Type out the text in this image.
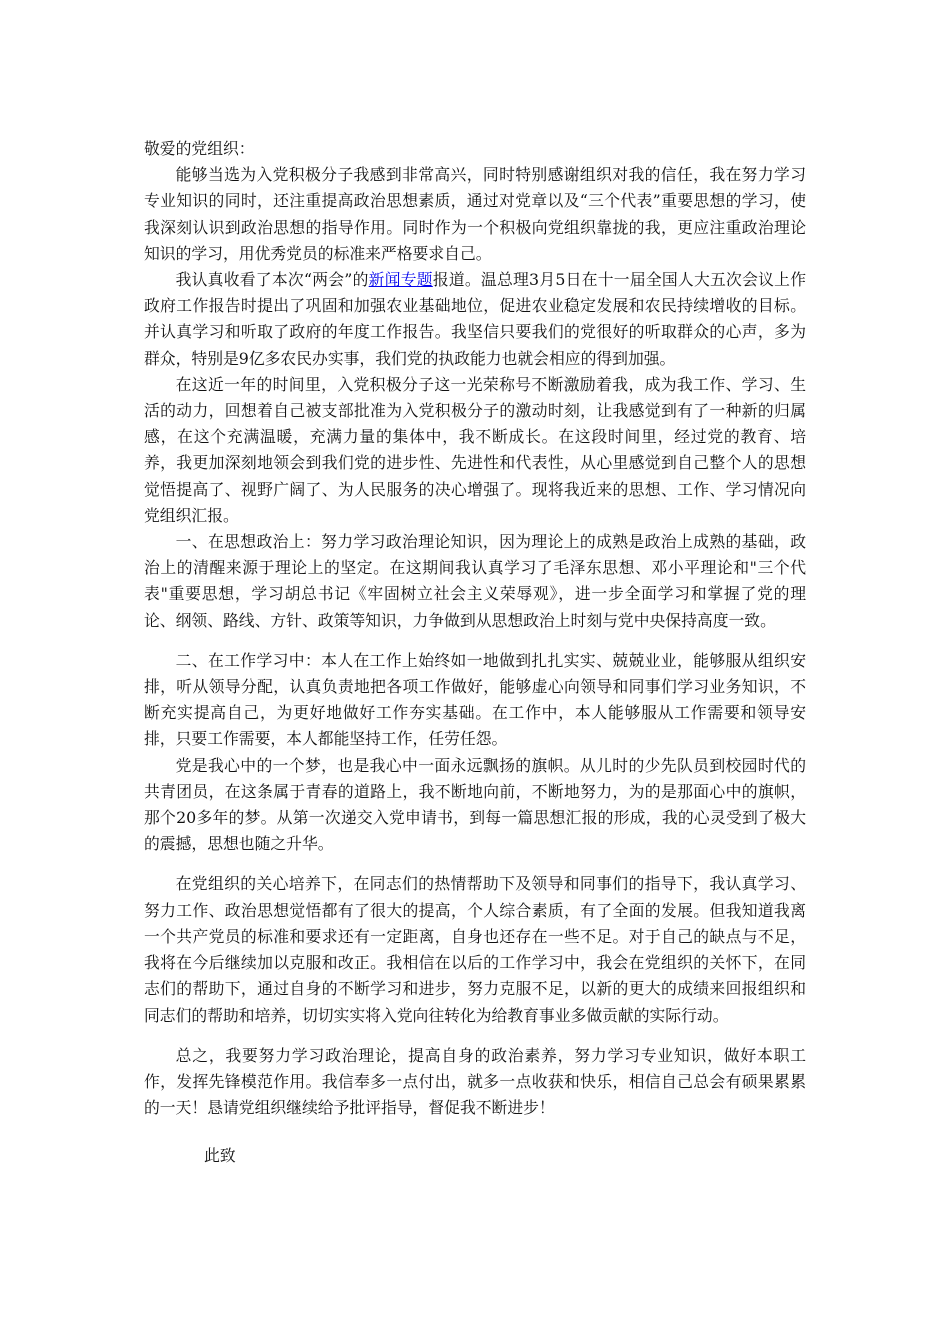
敬爱的党组织：

能够当选为入党积极分子我感到非常高兴，同时特别感谢组织对我的信任，我在努力学习专业知识的同时，还注重提高政治思想素质，通过对党章以及“三个代表”重要思想的学习，使我深刻认识到政治思想的指导作用。同时作为一个积极向党组织靠拢的我，更应注重政治理论知识的学习，用优秀党员的标准来严格要求自己。

我认真收看了本次“两会”的新闻专题报道。温总理3月5日在十一届全国人大五次会议上作政府工作报告时提出了巩固和加强农业基础地位，促进农业稳定发展和农民持续增收的目标。并认真学习和听取了政府的年度工作报告。我坚信只要我们的党很好的听取群众的心声，多为群众，特别是9亿多农民办实事，我们党的执政能力也就会相应的得到加强。

在这近一年的时间里，入党积极分子这一光荣称号不断激励着我，成为我工作、学习、生活的动力，回想着自己被支部批准为入党积极分子的激动时刻，让我感觉到有了一种新的归属感，在这个充满温暖，充满力量的集体中，我不断成长。在这段时间里，经过党的教育、培养，我更加深刻地领会到我们党的进步性、先进性和代表性，从心里感觉到自己整个人的思想觉悟提高了、视野广阔了、为人民服务的决心增强了。现将我近来的思想、工作、学习情况向党组织汇报。

一、在思想政治上：努力学习政治理论知识，因为理论上的成熟是政治上成熟的基础，政治上的清醒来源于理论上的坚定。在这期间我认真学习了毛泽东思想、邓小平理论和"三个代表"重要思想，学习胡总书记《牢固树立社会主义荣辱观》，进一步全面学习和掌握了党的理论、纲领、路线、方针、政策等知识，力争做到从思想政治上时刻与党中央保持高度一致。

二、在工作学习中：本人在工作上始终如一地做到扎扎实实、兢兢业业，能够服从组织安排，听从领导分配，认真负责地把各项工作做好，能够虚心向领导和同事们学习业务知识，不断充实提高自己，为更好地做好工作夯实基础。在工作中，本人能够服从工作需要和领导安排，只要工作需要，本人都能坚持工作，任劳任怨。

党是我心中的一个梦，也是我心中一面永远飘扬的旗帜。从儿时的少先队员到校园时代的共青团员，在这条属于青春的道路上，我不断地向前，不断地努力，为的是那面心中的旗帜，那个20多年的梦。从第一次递交入党申请书，到每一篇思想汇报的形成，我的心灵受到了极大的震撼，思想也随之升华。

在党组织的关心培养下，在同志们的热情帮助下及领导和同事们的指导下，我认真学习、努力工作、政治思想觉悟都有了很大的提高，个人综合素质，有了全面的发展。但我知道我离一个共产党员的标准和要求还有一定距离，自身也还存在一些不足。对于自己的缺点与不足，我将在今后继续加以克服和改正。我相信在以后的工作学习中，我会在党组织的关怀下，在同志们的帮助下，通过自身的不断学习和进步，努力克服不足，以新的更大的成绩来回报组织和同志们的帮助和培养，切切实实将入党向往转化为给教育事业多做贡献的实际行动。

总之，我要努力学习政治理论，提高自身的政治素养，努力学习专业知识，做好本职工作，发挥先锋模范作用。我信奉多一点付出，就多一点收获和快乐，相信自己总会有硕果累累的一天！恳请党组织继续给予批评指导，督促我不断进步！

此致
